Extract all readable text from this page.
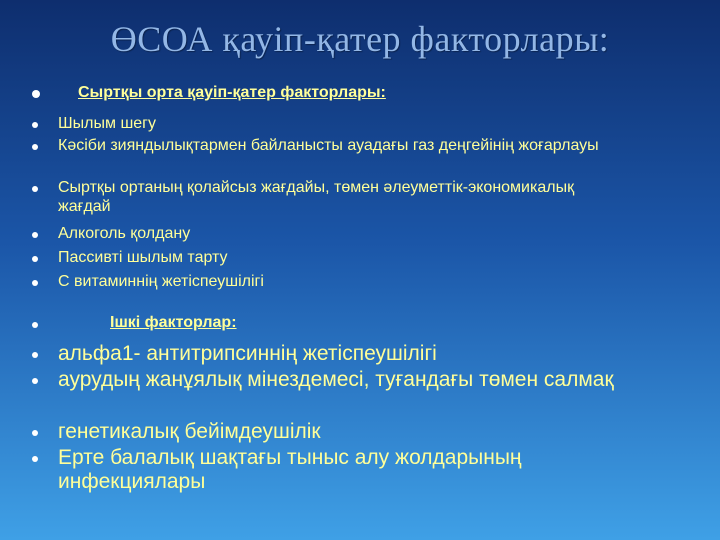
ӨСОА қауіп-қатер факторлары:
Сыртқы орта қауіп-қатер факторлары:
Шылым шегу
Кәсіби зияндылықтармен байланысты ауадағы газ деңгейінің жоғарлауы
Сыртқы ортаның қолайсыз жағдайы, төмен әлеуметтік-экономикалық жағдай
Алкоголь қолдану
Пассивті шылым тарту
С витаминнің жетіспеушілігі
Ішкі факторлар:
альфа1- антитрипсиннің жетіспеушілігі
аурудың жанұялық мінездемесі, туғандағы төмен салмақ
генетикалық бейімдеушілік
Ерте балалық шақтағы тыныс алу жолдарының инфекциялары
